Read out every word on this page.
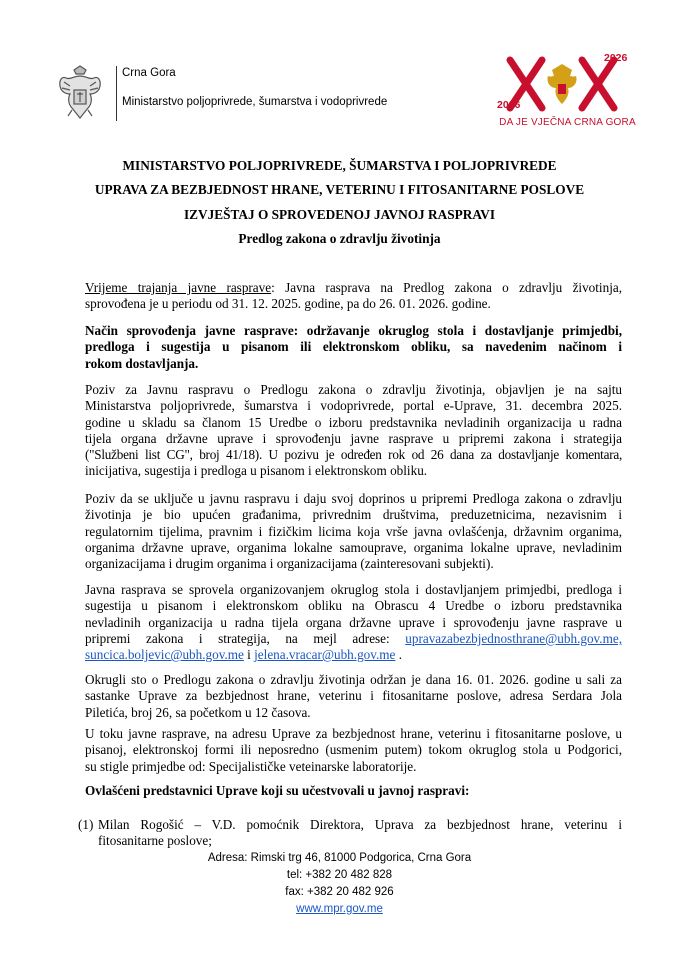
Crna Gora
Ministarstvo poljoprivrede, šumarstva i vodoprivrede
2026
2006
DA JE VJEČNA CRNA GORA
MINISTARSTVO POLJOPRIVREDE, ŠUMARSTVA I POLJOPRIVREDE
UPRAVA ZA BEZBJEDNOST HRANE, VETERINU I FITOSANITARNE POSLOVE
IZVJEŠTAJ O SPROVEDENOJ JAVNOJ RASPRAVI
Predlog zakona o zdravlju životinja
Vrijeme trajanja javne rasprave: Javna rasprava na Predlog zakona o zdravlju životinja,
sprovođena je u periodu od 31. 12. 2025. godine, pa do 26. 01. 2026. godine.
Način sprovođenja javne rasprave: održavanje okruglog stola i dostavljanje primjedbi,
predloga i sugestija u pisanom ili elektronskom obliku, sa navedenim načinom i
rokom dostavljanja.
Poziv za Javnu raspravu o Predlogu zakona o zdravlju životinja, objavljen je na sajtu
Ministarstva poljoprivrede, šumarstva i vodoprivrede, portal e-Uprave, 31. decembra 2025.
godine u skladu sa članom 15 Uredbe o izboru predstavnika nevladinih organizacija u radna
tijela organa državne uprave i sprovođenju javne rasprave u pripremi zakona i strategija
("Službeni list CG", broj 41/18). U pozivu je određen rok od 26 dana za dostavljanje komentara,
inicijativa, sugestija i predloga u pisanom i elektronskom obliku.
Poziv da se uključe u javnu raspravu i daju svoj doprinos u pripremi Predloga zakona o zdravlju
životinja je bio upućen građanima, privrednim društvima, preduzetnicima, nezavisnim i
regulatornim tijelima, pravnim i fizičkim licima koja vrše javna ovlašćenja, državnim organima,
organima državne uprave, organima lokalne samouprave, organima lokalne uprave, nevladinim
organizacijama i drugim organima i organizacijama (zainteresovani subjekti).
Javna rasprava se sprovela organizovanjem okruglog stola i dostavljanjem primjedbi, predloga i
sugestija u pisanom i elektronskom obliku na Obrascu 4 Uredbe o izboru predstavnika
nevladinih organizacija u radna tijela organa državne uprave i sprovođenju javne rasprave u
pripremi zakona i strategija, na mejl adrese: upravazabezbjednosthrane@ubh.gov.me,
suncica.boljevic@ubh.gov.me i jelena.vracar@ubh.gov.me .
Okrugli sto o Predlogu zakona o zdravlju životinja održan je dana 16. 01. 2026. godine u sali za
sastanke Uprave za bezbjednost hrane, veterinu i fitosanitarne poslove, adresa Serdara Jola
Piletića, broj 26, sa početkom u 12 časova.
U toku javne rasprave, na adresu Uprave za bezbjednost hrane, veterinu i fitosanitarne poslove, u
pisanoj, elektronskoj formi ili neposredno (usmenim putem) tokom okruglog stola u Podgorici,
su stigle primjedbe od: Specijalističke veteinarske laboratorije.
Ovlašćeni predstavnici Uprave koji su učestvovali u javnoj raspravi:
(1) Milan Rogošić – V.D. pomoćnik Direktora, Uprava za bezbjednost hrane, veterinu i
fitosanitarne poslove;
Adresa: Rimski trg 46, 81000 Podgorica, Crna Gora
tel: +382 20 482 828
fax: +382 20 482 926
www.mpr.gov.me
